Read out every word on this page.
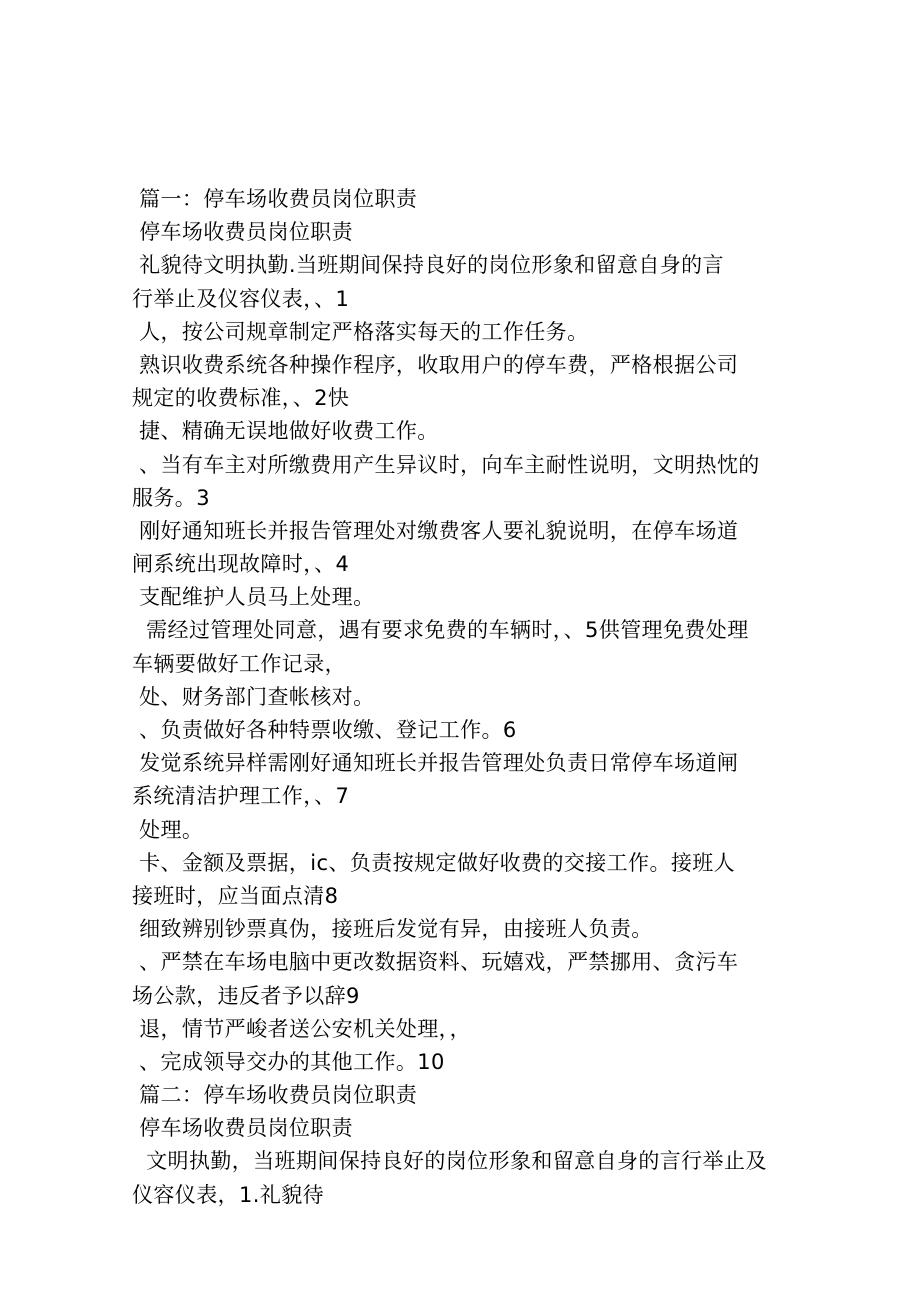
篇一：停车场收费员岗位职责
停车场收费员岗位职责
礼貌待文明执勤.当班期间保持良好的岗位形象和留意自身的言
行举止及仪容仪表，、1
人，按公司规章制定严格落实每天的工作任务。
熟识收费系统各种操作程序，收取用户的停车费，严格根据公司
规定的收费标准，、2快
捷、精确无误地做好收费工作。
、当有车主对所缴费用产生异议时，向车主耐性说明，文明热忱的
服务。3
刚好通知班长并报告管理处对缴费客人要礼貌说明，在停车场道
闸系统出现故障时，、4
支配维护人员马上处理。
需经过管理处同意，遇有要求免费的车辆时，、5供管理免费处理
车辆要做好工作记录，
处、财务部门查帐核对。
、负责做好各种特票收缴、登记工作。6
发觉系统异样需刚好通知班长并报告管理处负责日常停车场道闸
系统清洁护理工作，、7
处理。
卡、金额及票据，ic、负责按规定做好收费的交接工作。接班人
接班时，应当面点清8
细致辨别钞票真伪，接班后发觉有异，由接班人负责。
、严禁在车场电脑中更改数据资料、玩嬉戏，严禁挪用、贪污车
场公款，违反者予以辞9
退，情节严峻者送公安机关处理，，
、完成领导交办的其他工作。10
篇二：停车场收费员岗位职责
停车场收费员岗位职责
文明执勤，当班期间保持良好的岗位形象和留意自身的言行举止及
仪容仪表，1.礼貌待
